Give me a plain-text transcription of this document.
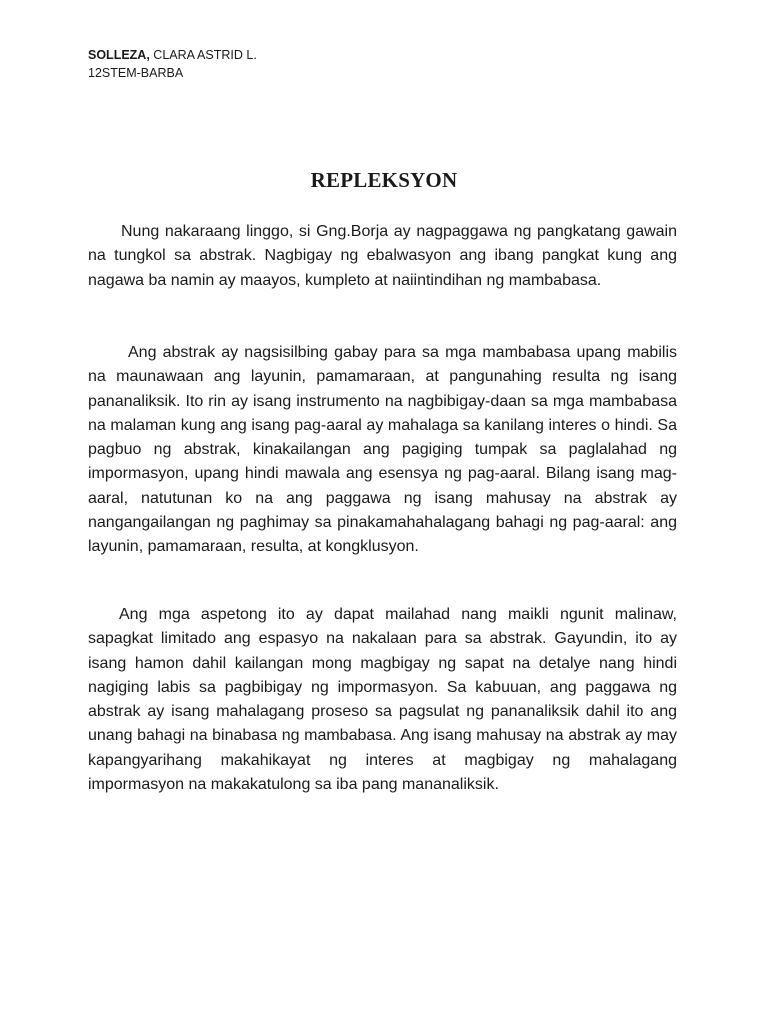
SOLLEZA, CLARA ASTRID L.
12STEM-BARBA
REPLEKSYON

Nung nakaraang linggo, si Gng.Borja ay nagpaggawa ng pangkatang gawain na tungkol sa abstrak. Nagbigay ng ebalwasyon ang ibang pangkat kung ang nagawa ba namin ay maayos, kumpleto at naiintindihan ng mambabasa.

Ang abstrak ay nagsisilbing gabay para sa mga mambabasa upang mabilis na maunawaan ang layunin, pamamaraan, at pangunahing resulta ng isang pananaliksik. Ito rin ay isang instrumento na nagbibigay-daan sa mga mambabasa na malaman kung ang isang pag-aaral ay mahalaga sa kanilang interes o hindi. Sa pagbuo ng abstrak, kinakailangan ang pagiging tumpak sa paglalahad ng impormasyon, upang hindi mawala ang esensya ng pag-aaral. Bilang isang mag-aaral, natutunan ko na ang paggawa ng isang mahusay na abstrak ay nangangailangan ng paghimay sa pinakamahahalagang bahagi ng pag-aaral: ang layunin, pamamaraan, resulta, at kongklusyon.

Ang mga aspetong ito ay dapat mailahad nang maikli ngunit malinaw, sapagkat limitado ang espasyo na nakalaan para sa abstrak. Gayundin, ito ay isang hamon dahil kailangan mong magbigay ng sapat na detalye nang hindi nagiging labis sa pagbibigay ng impormasyon. Sa kabuuan, ang paggawa ng abstrak ay isang mahalagang proseso sa pagsulat ng pananaliksik dahil ito ang unang bahagi na binabasa ng mambabasa. Ang isang mahusay na abstrak ay may kapangyarihang makahikayat ng interes at magbigay ng mahalagang impormasyon na makakatulong sa iba pang mananaliksik.
